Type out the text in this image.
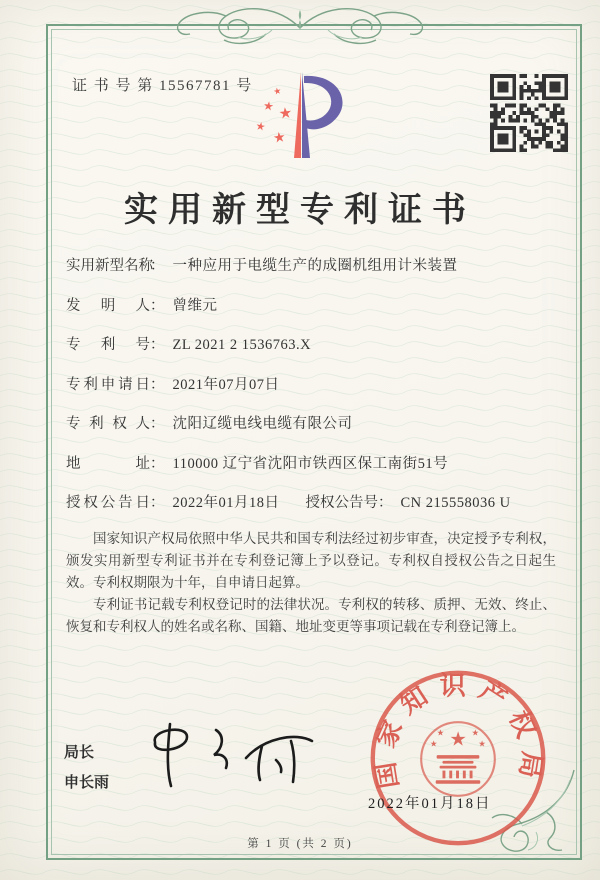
证 书 号 第 15567781 号 ★
★ ★
★
★
实用新型专利证书
实用新型名称： 一种应用于电缆生产的成圈机组用计米装置
发明人： 曾维元
专利号： ZL 2021 2 1536763.X
专利申请日： 2021年07月07日
专利权人： 沈阳辽缆电线电缆有限公司
地址： 110000 辽宁省沈阳市铁西区保工南街51号
授权公告日： 2022年01月18日 授权公告号： CN 215558036 U

国家知识产权局依照中华人民共和国专利法经过初步审查，决定授予专利权，颁发实用新型专利证书并在专利登记簿上予以登记。专利权自授权公告之日起生效。专利权期限为十年，自申请日起算。

专利证书记载专利权登记时的法律状况。专利权的转移、质押、无效、终止、恢复和专利权人的姓名或名称、国籍、地址变更等事项记载在专利登记簿上。

局长
申长雨	国家知识产权局
★
★	★
★	★
2022年01月18日
第 1 页 (共 2 页)
